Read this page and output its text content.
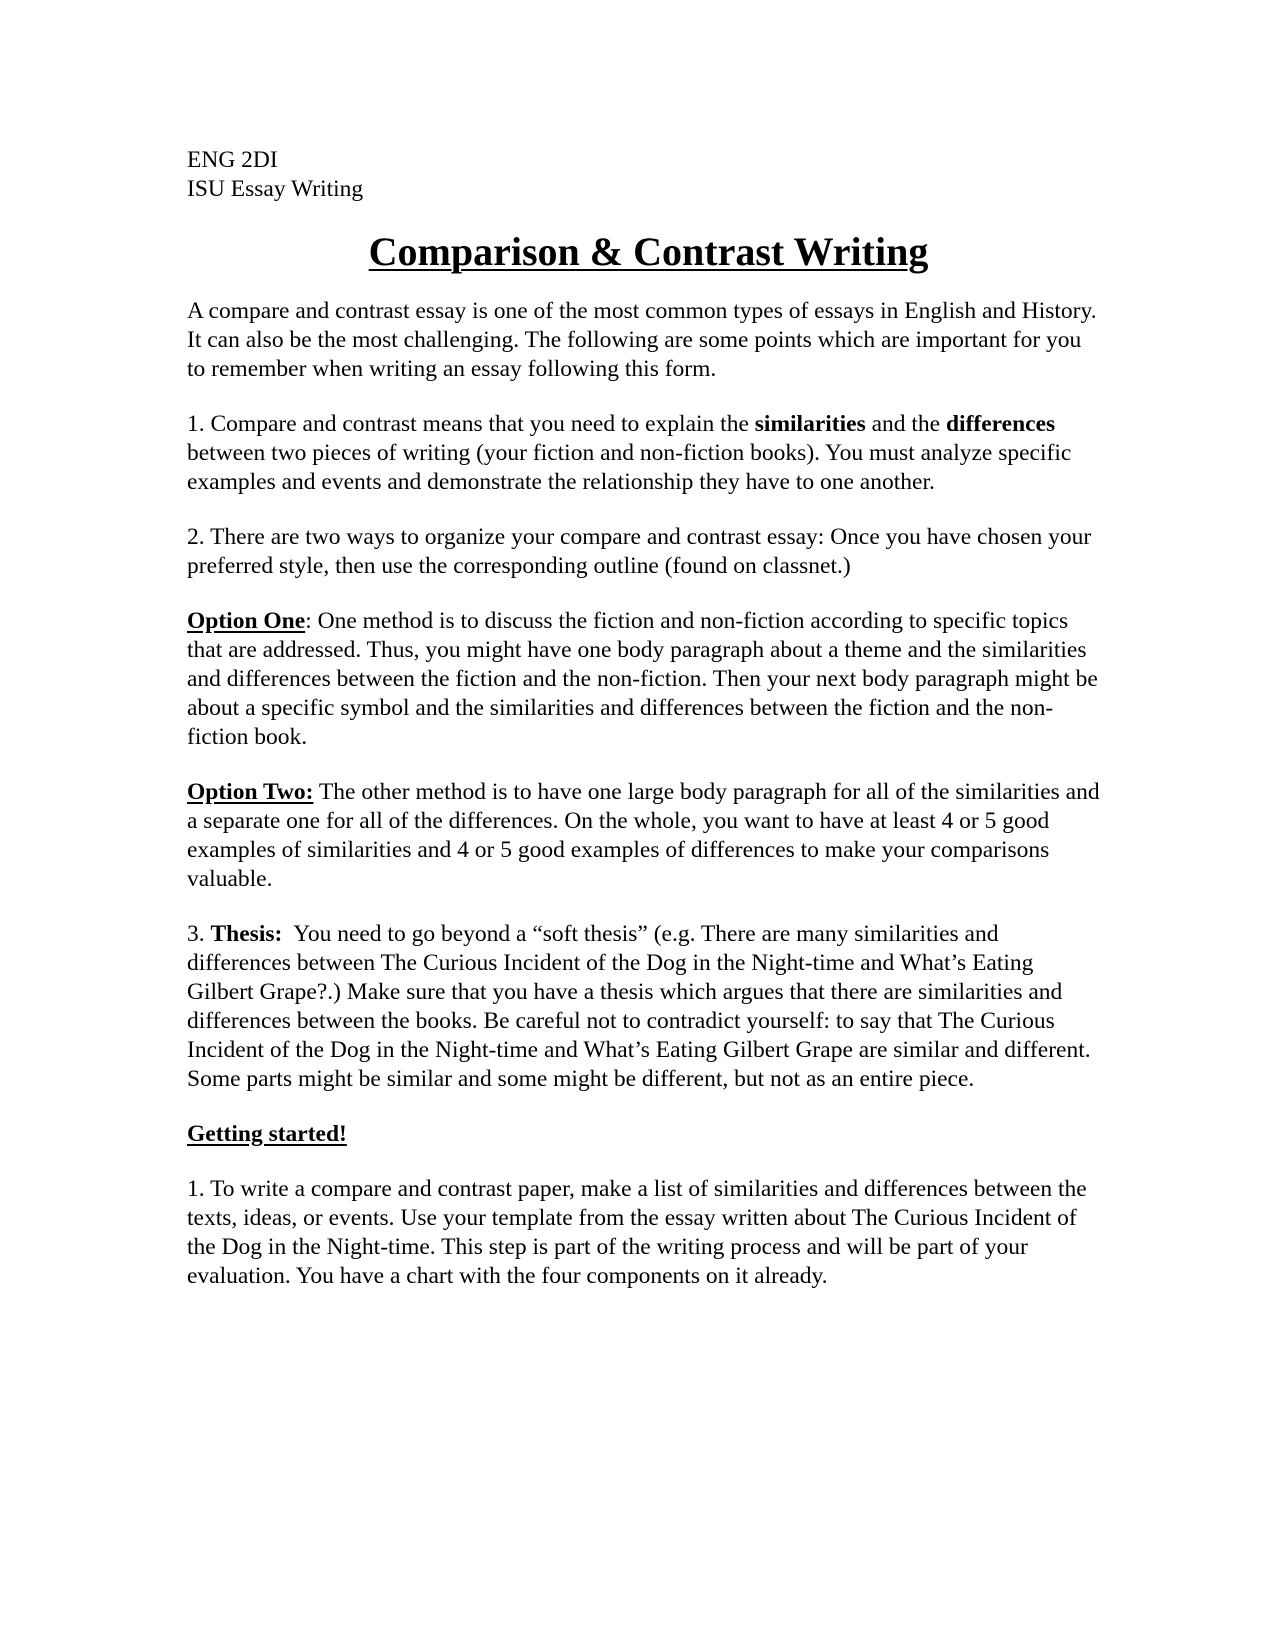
ENG 2DI

ISU Essay Writing

Comparison & Contrast Writing

A compare and contrast essay is one of the most common types of essays in English and History. It can also be the most challenging. The following are some points which are important for you to remember when writing an essay following this form.

1. Compare and contrast means that you need to explain the similarities and the differences between two pieces of writing (your fiction and non-fiction books). You must analyze specific examples and events and demonstrate the relationship they have to one another.

2. There are two ways to organize your compare and contrast essay: Once you have chosen your preferred style, then use the corresponding outline (found on classnet.)

Option One: One method is to discuss the fiction and non-fiction according to specific topics that are addressed. Thus, you might have one body paragraph about a theme and the similarities and differences between the fiction and the non-fiction. Then your next body paragraph might be about a specific symbol and the similarities and differences between the fiction and the non-fiction book.

Option Two: The other method is to have one large body paragraph for all of the similarities and a separate one for all of the differences. On the whole, you want to have at least 4 or 5 good examples of similarities and 4 or 5 good examples of differences to make your comparisons valuable.

3. Thesis:  You need to go beyond a “soft thesis” (e.g. There are many similarities and differences between The Curious Incident of the Dog in the Night-time and What’s Eating Gilbert Grape?.) Make sure that you have a thesis which argues that there are similarities and differences between the books. Be careful not to contradict yourself: to say that The Curious Incident of the Dog in the Night-time and What’s Eating Gilbert Grape are similar and different. Some parts might be similar and some might be different, but not as an entire piece.

Getting started!

1. To write a compare and contrast paper, make a list of similarities and differences between the texts, ideas, or events. Use your template from the essay written about The Curious Incident of the Dog in the Night-time. This step is part of the writing process and will be part of your evaluation. You have a chart with the four components on it already.
